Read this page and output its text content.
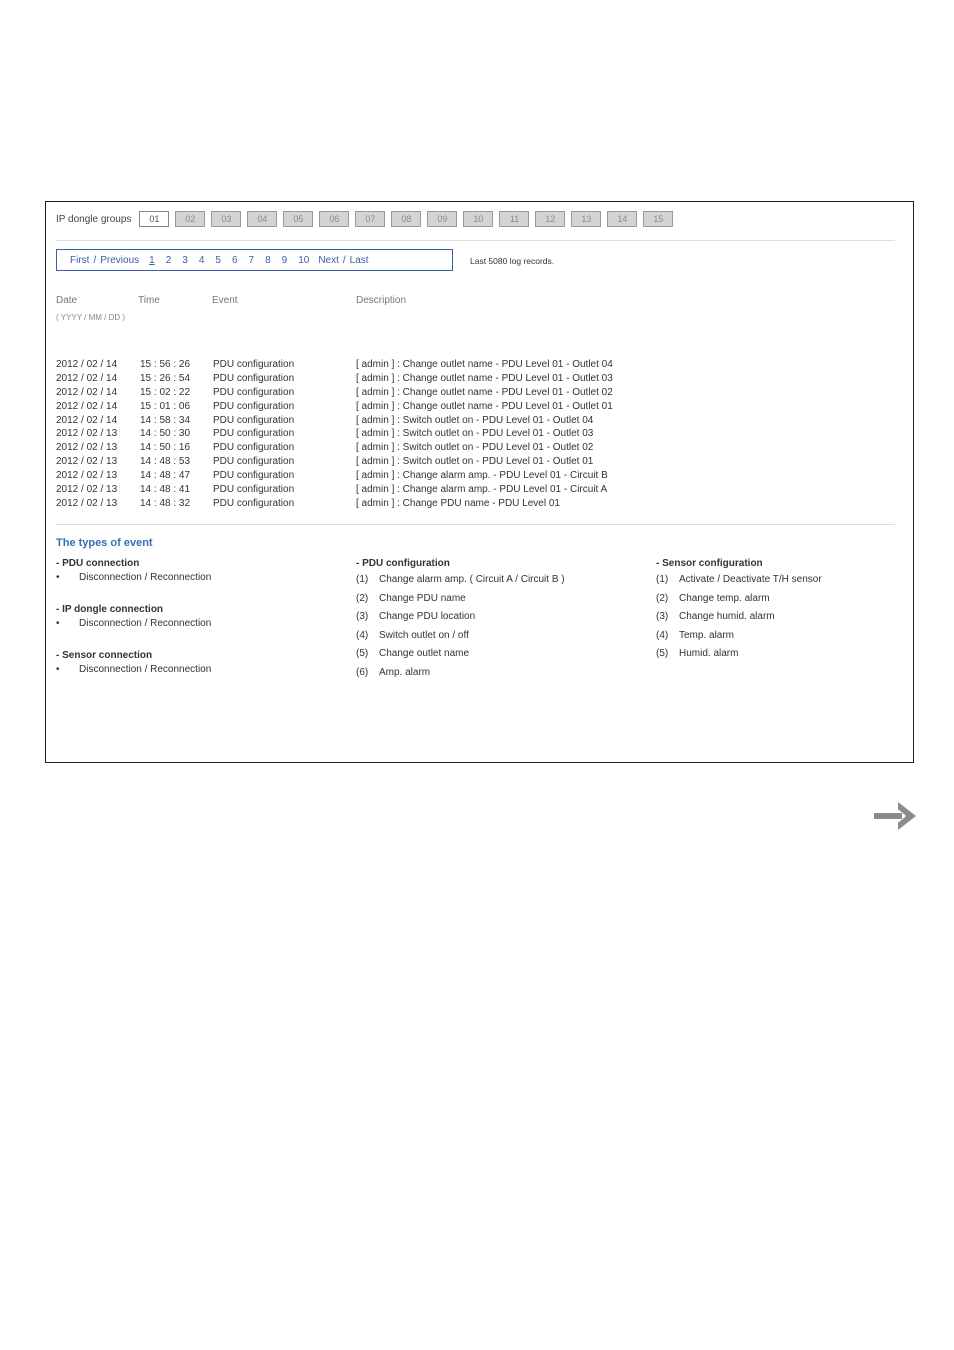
IP dongle groups	01	02	03	04	05	06	07	08	09	10	11	12	13	14	15
First / Previous 1 2 3 4 5 6 7 8 9 10 Next / Last	Last 5080 log records.
Date
( YYYY / MM / DD )
Time	Event	Description
2012 / 02 / 14 15 : 56 : 26 PDU configuration	[ admin ] : Change outlet name - PDU Level 01 - Outlet 04
2012 / 02 / 14 15 : 26 : 54 PDU configuration	[ admin ] : Change outlet name - PDU Level 01 - Outlet 03
2012 / 02 / 14 15 : 02 : 22 PDU configuration	[ admin ] : Change outlet name - PDU Level 01 - Outlet 02
2012 / 02 / 14 15 : 01 : 06 PDU configuration	[ admin ] : Change outlet name - PDU Level 01 - Outlet 01
2012 / 02 / 14 14 : 58 : 34 PDU configuration	[ admin ] : Switch outlet on - PDU Level 01 - Outlet 04
2012 / 02 / 13 14 : 50 : 30 PDU configuration	[ admin ] : Switch outlet on - PDU Level 01 - Outlet 03
2012 / 02 / 13 14 : 50 : 16 PDU configuration	[ admin ] : Switch outlet on - PDU Level 01 - Outlet 02
2012 / 02 / 13 14 : 48 : 53 PDU configuration	[ admin ] : Switch outlet on - PDU Level 01 - Outlet 01
2012 / 02 / 13 14 : 48 : 47 PDU configuration	[ admin ] : Change alarm amp. - PDU Level 01 - Circuit B
2012 / 02 / 13 14 : 48 : 41 PDU configuration	[ admin ] : Change alarm amp. - PDU Level 01 - Circuit A
2012 / 02 / 13 14 : 48 : 32 PDU configuration	[ admin ] : Change PDU name - PDU Level 01
The types of event
- PDU connection
• Disconnection / Reconnection
- IP dongle connection
• Disconnection / Reconnection
- Sensor connection
• Disconnection / Reconnection
- PDU configuration
(1) Change alarm amp. ( Circuit A / Circuit B )
(2) Change PDU name
(3) Change PDU location
(4) Switch outlet on / off
(5) Change outlet name
(6) Amp. alarm
- Sensor configuration
(1) Activate / Deactivate T/H sensor
(2) Change temp. alarm
(3) Change humid. alarm
(4) Temp. alarm
(5) Humid. alarm
